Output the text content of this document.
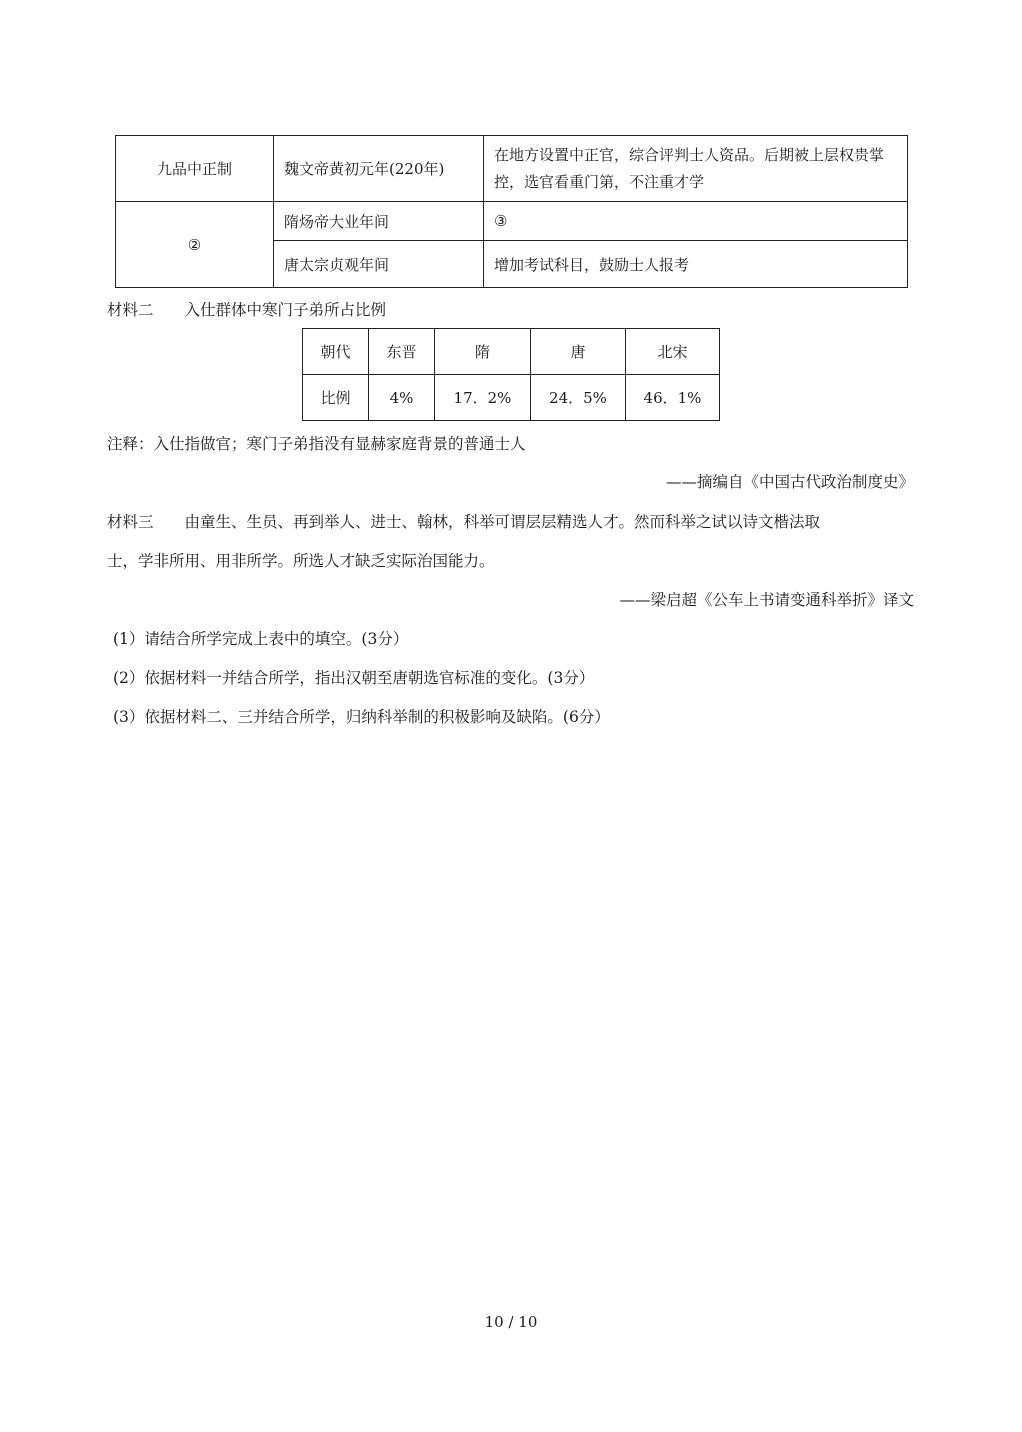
九品中正制	魏文帝黄初元年(220年)	在地方设置中正官，综合评判士人资品。后期被上层权贵掌控，选官看重门第，不注重才学
②	隋炀帝大业年间	③
	唐太宗贞观年间	增加考试科目，鼓励士人报考
材料二　　入仕群体中寒门子弟所占比例
朝代	东晋	隋	唐	北宋
比例	4%	17．2%	24．5%	46．1%
注释：入仕指做官；寒门子弟指没有显赫家庭背景的普通士人
——摘编自《中国古代政治制度史》
材料三　　由童生、生员、再到举人、进士、翰林，科举可谓层层精选人才。然而科举之试以诗文楷法取
士，学非所用、用非所学。所选人才缺乏实际治国能力。
——梁启超《公车上书请变通科举折》译文
(1）请结合所学完成上表中的填空。(3分）
(2）依据材料一并结合所学，指出汉朝至唐朝选官标准的变化。(3分）
(3）依据材料二、三并结合所学，归纳科举制的积极影响及缺陷。(6分）
10 / 10
